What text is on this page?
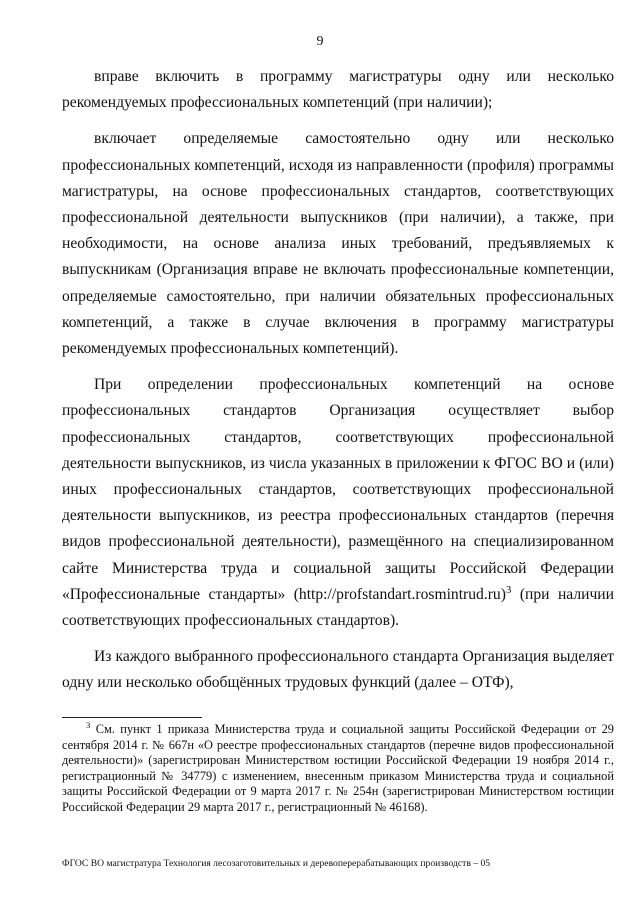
9

вправе включить в программу магистратуры одну или несколько рекомендуемых профессиональных компетенций (при наличии);

включает определяемые самостоятельно одну или несколько профессиональных компетенций, исходя из направленности (профиля) программы магистратуры, на основе профессиональных стандартов, соответствующих профессиональной деятельности выпускников (при наличии), а также, при необходимости, на основе анализа иных требований, предъявляемых к выпускникам (Организация вправе не включать профессиональные компетенции, определяемые самостоятельно, при наличии обязательных профессиональных компетенций, а также в случае включения в программу магистратуры рекомендуемых профессиональных компетенций).

При определении профессиональных компетенций на основе профессиональных стандартов Организация осуществляет выбор профессиональных стандартов, соответствующих профессиональной деятельности выпускников, из числа указанных в приложении к ФГОС ВО и (или) иных профессиональных стандартов, соответствующих профессиональной деятельности выпускников, из реестра профессиональных стандартов (перечня видов профессиональной деятельности), размещённого на специализированном сайте Министерства труда и социальной защиты Российской Федерации «Профессиональные стандарты» (http://profstandart.rosmintrud.ru)$^3$ (при наличии соответствующих профессиональных стандартов).

Из каждого выбранного профессионального стандарта Организация выделяет одну или несколько обобщённых трудовых функций (далее – ОТФ),

$^3$ См. пункт 1 приказа Министерства труда и социальной защиты Российской Федерации от 29 сентября 2014 г. № 667н «О реестре профессиональных стандартов (перечне видов профессиональной деятельности)» (зарегистрирован Министерством юстиции Российской Федерации 19 ноября 2014 г., регистрационный № 34779) с изменением, внесенным приказом Министерства труда и социальной защиты Российской Федерации от 9 марта 2017 г. № 254н (зарегистрирован Министерством юстиции Российской Федерации 29 марта 2017 г., регистрационный № 46168).
ФГОС ВО магистратура Технология лесозаготовительных и деревоперерабатывающих производств – 05
